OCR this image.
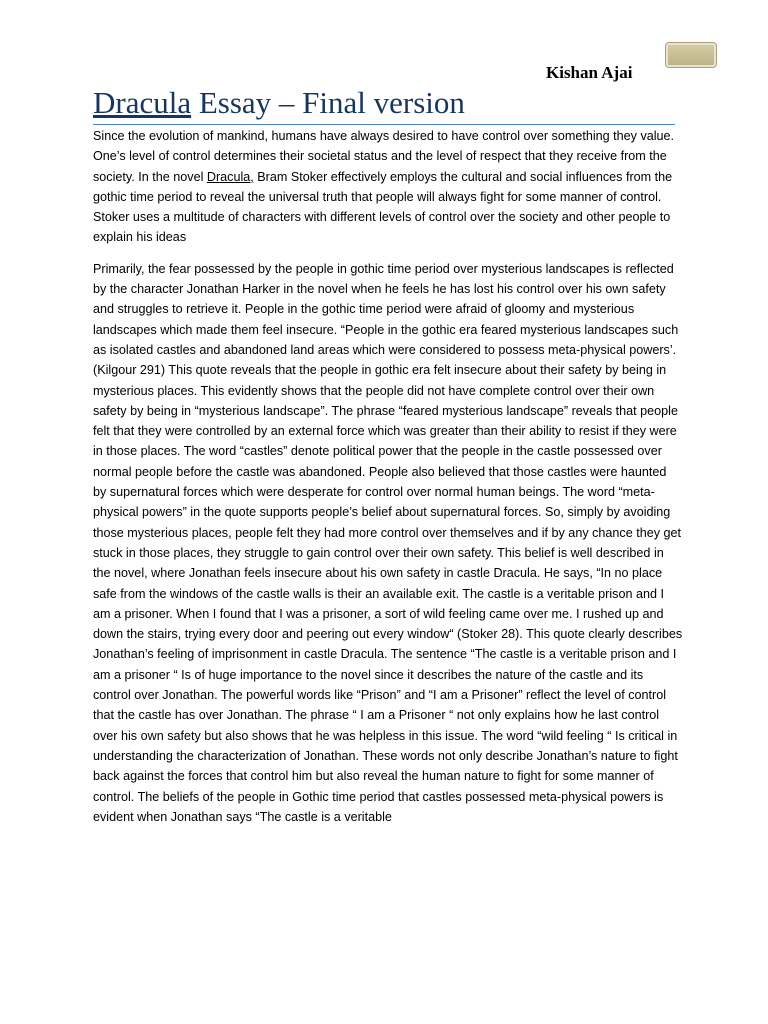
Kishan Ajai

Dracula Essay – Final version

Since the evolution of mankind, humans have always desired to have control over something they value. One’s level of control determines their societal status and the level of respect that they receive from the society. In the novel Dracula, Bram Stoker effectively employs the cultural and social influences from the gothic time period to reveal the universal truth that people will always fight for some manner of control. Stoker uses a multitude of characters with different levels of control over the society and other people to explain his ideas

Primarily, the fear possessed by the people in gothic time period over mysterious landscapes is reflected by the character Jonathan Harker in the novel when he feels he has lost his control over his own safety and struggles to retrieve it. People in the gothic time period were afraid of gloomy and mysterious landscapes which made them feel insecure. “People in the gothic era feared mysterious landscapes such as isolated castles and abandoned land areas which were considered to possess meta-physical powers’. (Kilgour 291) This quote reveals that the people in gothic era felt insecure about their safety by being in mysterious places. This evidently shows that the people did not have complete control over their own safety by being in “mysterious landscape”. The phrase “feared mysterious landscape” reveals that people felt that they were controlled by an external force which was greater than their ability to resist if they were in those places. The word “castles” denote political power that the people in the castle possessed over normal people before the castle was abandoned. People also believed that those castles were haunted by supernatural forces which were desperate for control over normal human beings. The word “meta-physical powers” in the quote supports people’s belief about supernatural forces. So, simply by avoiding those mysterious places, people felt they had more control over themselves and if by any chance they get stuck in those places, they struggle to gain control over their own safety. This belief is well described in the novel, where Jonathan feels insecure about his own safety in castle Dracula. He says, “In no place safe from the windows of the castle walls is their an available exit. The castle is a veritable prison and I am a prisoner. When I found that I was a prisoner, a sort of wild feeling came over me. I rushed up and down the stairs, trying every door and peering out every window“ (Stoker 28). This quote clearly describes Jonathan’s feeling of imprisonment in castle Dracula. The sentence “The castle is a veritable prison and I am a prisoner “ Is of huge importance to the novel since it describes the nature of the castle and its control over Jonathan. The powerful words like “Prison” and “I am a Prisoner” reflect the level of control that the castle has over Jonathan. The phrase “ I am a Prisoner “ not only explains how he last control over his own safety but also shows that he was helpless in this issue. The word “wild feeling “ Is critical in understanding the characterization of Jonathan. These words not only describe Jonathan’s nature to fight back against the forces that control him but also reveal the human nature to fight for some manner of control. The beliefs of the people in Gothic time period that castles possessed meta-physical powers is evident when Jonathan says “The castle is a veritable
